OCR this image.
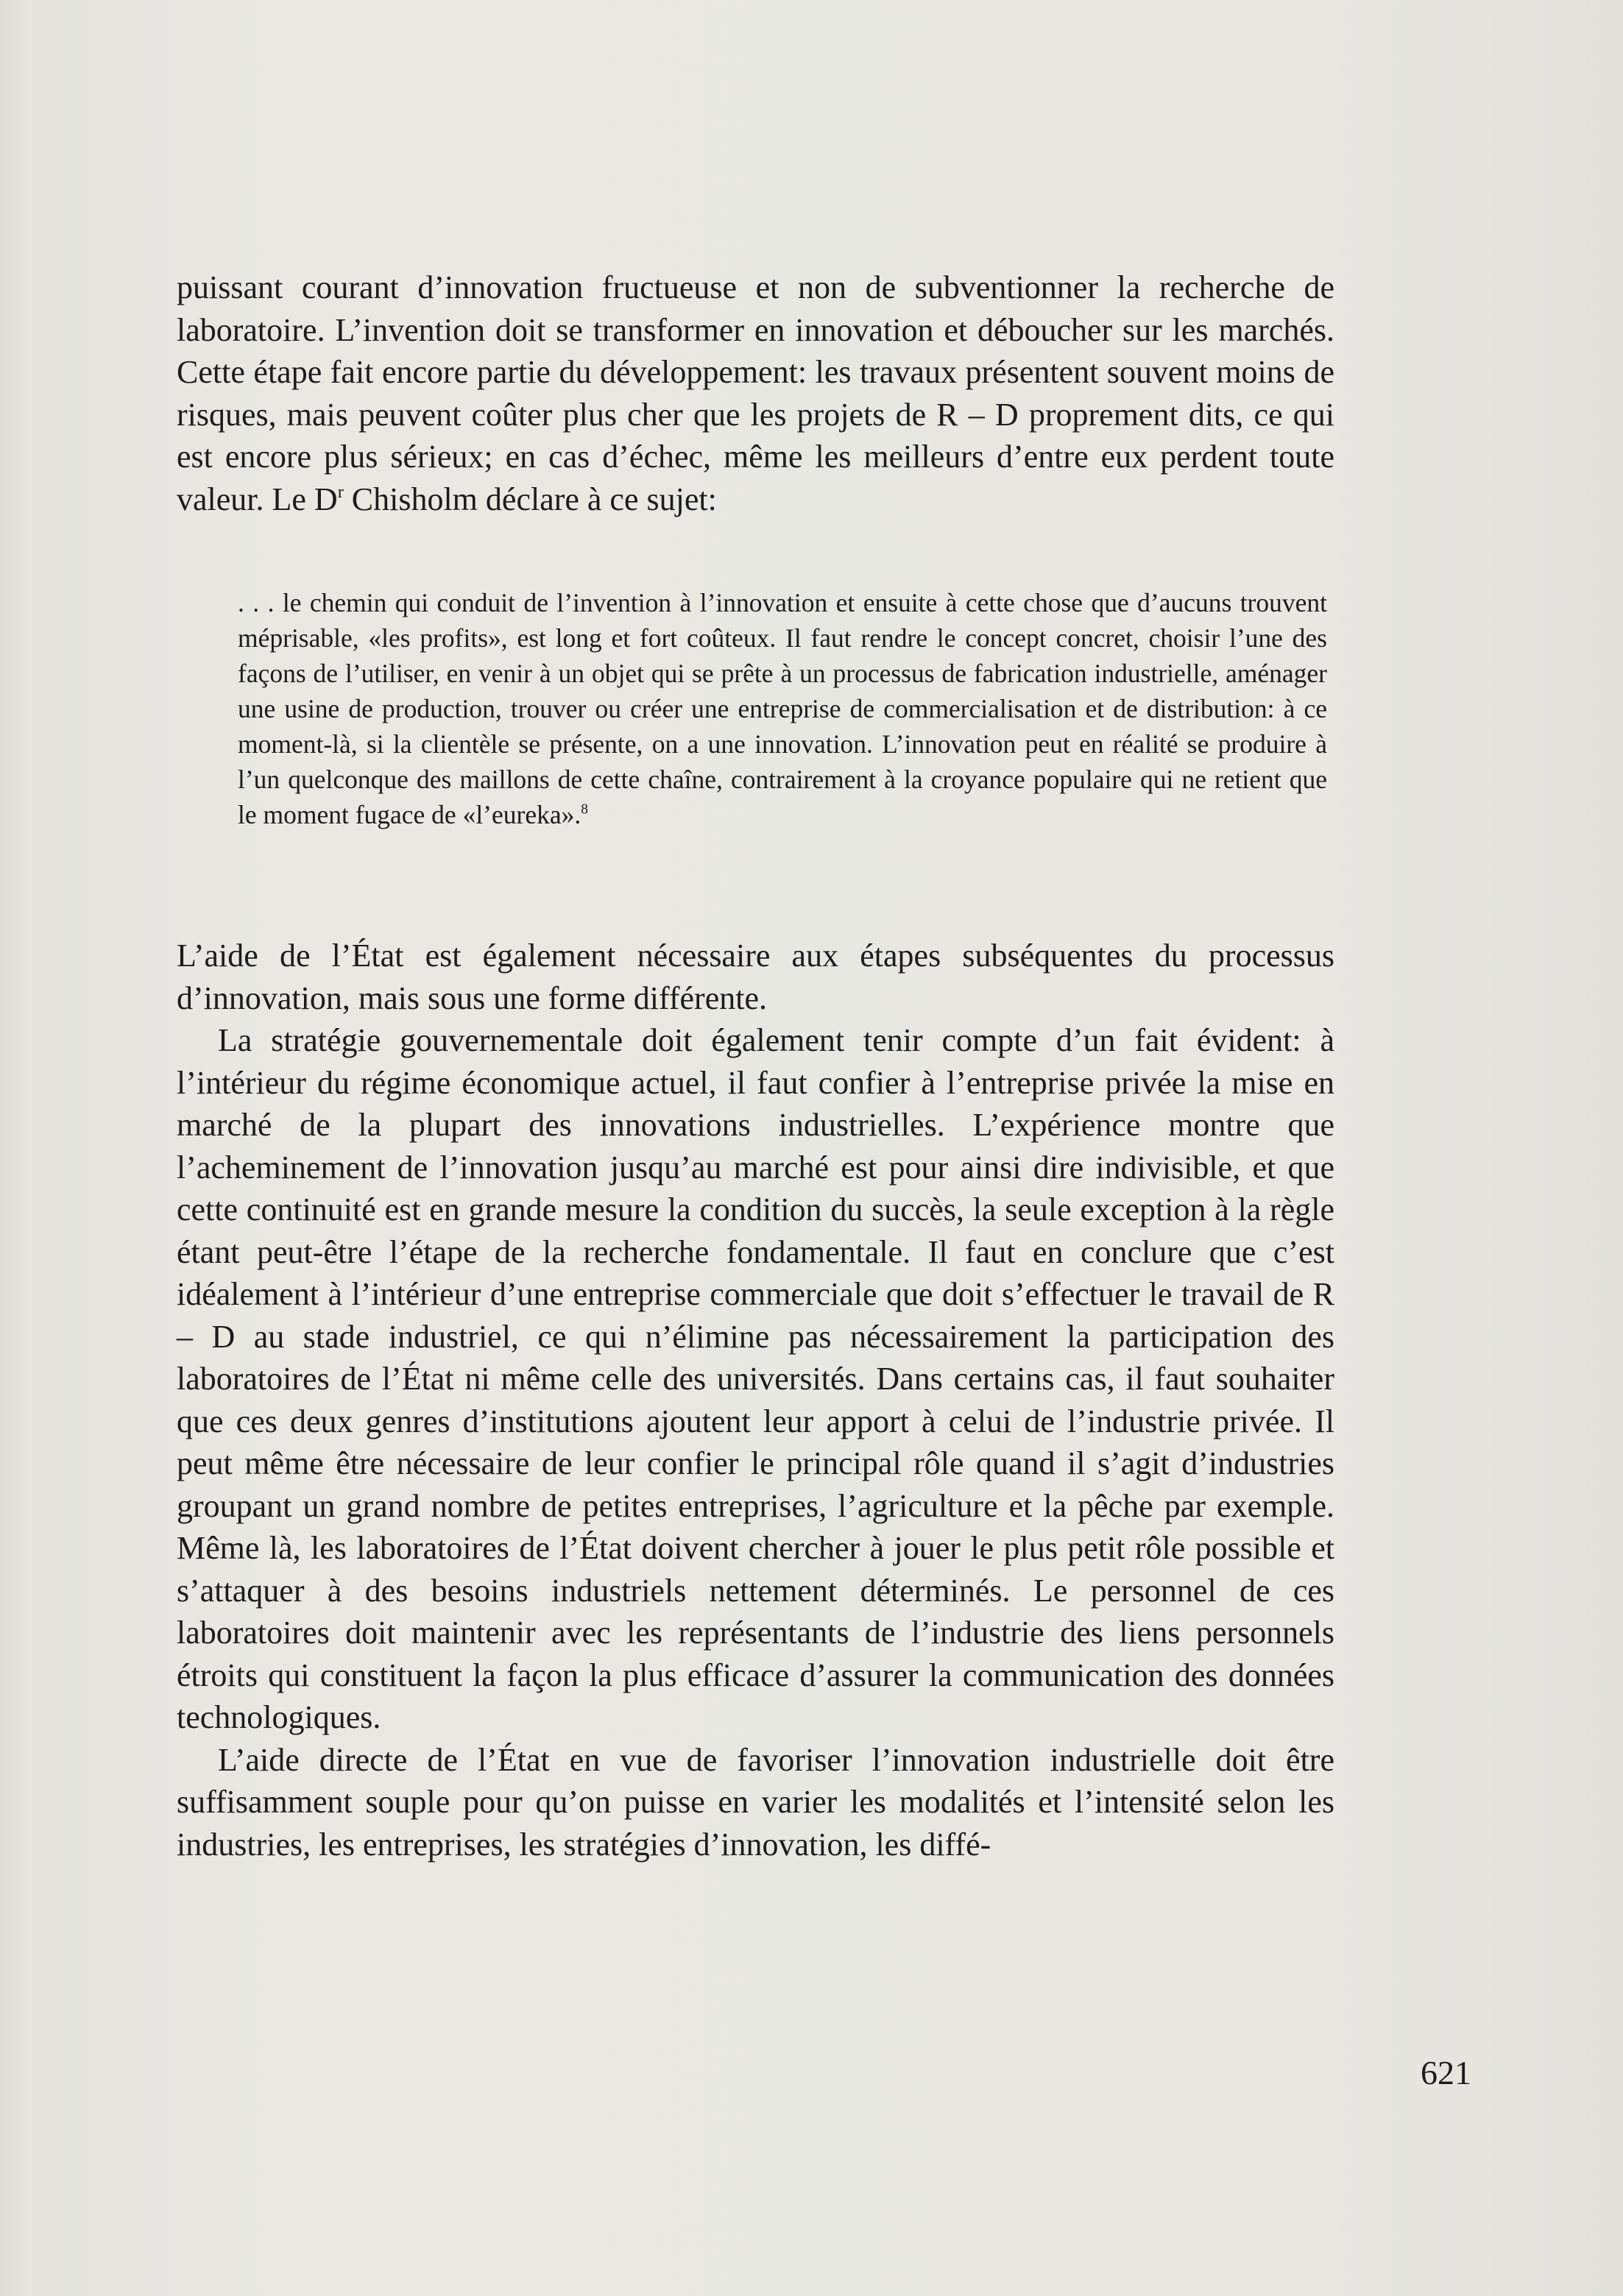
puissant courant d’innovation fructueuse et non de subventionner la recherche de laboratoire. L’invention doit se transformer en innovation et déboucher sur les marchés. Cette étape fait encore partie du développement: les travaux présentent souvent moins de risques, mais peuvent coûter plus cher que les projets de R – D proprement dits, ce qui est encore plus sérieux; en cas d’échec, même les meilleurs d’entre eux perdent toute valeur. Le $D^r$ Chisholm déclare à ce sujet:

. . . le chemin qui conduit de l’invention à l’innovation et ensuite à cette chose que d’aucuns trouvent méprisable, «les profits», est long et fort coûteux. Il faut rendre le concept concret, choisir l’une des façons de l’utiliser, en venir à un objet qui se prête à un processus de fabrication industrielle, aménager une usine de production, trouver ou créer une entreprise de commercialisation et de distribution: à ce moment-là, si la clientèle se présente, on a une innovation. L’innovation peut en réalité se produire à l’un quelconque des maillons de cette chaîne, contrairement à la croyance populaire qui ne retient que le moment fugace de «l’eureka».$^8$

L’aide de l’État est également nécessaire aux étapes subséquentes du processus d’innovation, mais sous une forme différente.

La stratégie gouvernementale doit également tenir compte d’un fait évident: à l’intérieur du régime économique actuel, il faut confier à l’entreprise privée la mise en marché de la plupart des innovations industrielles. L’expérience montre que l’acheminement de l’innovation jusqu’au marché est pour ainsi dire indivisible, et que cette continuité est en grande mesure la condition du succès, la seule exception à la règle étant peut-être l’étape de la recherche fondamentale. Il faut en conclure que c’est idéalement à l’intérieur d’une entreprise commerciale que doit s’effectuer le travail de R – D au stade industriel, ce qui n’élimine pas nécessairement la participation des laboratoires de l’État ni même celle des universités. Dans certains cas, il faut souhaiter que ces deux genres d’institutions ajoutent leur apport à celui de l’industrie privée. Il peut même être nécessaire de leur confier le principal rôle quand il s’agit d’industries groupant un grand nombre de petites entreprises, l’agriculture et la pêche par exemple. Même là, les laboratoires de l’État doivent chercher à jouer le plus petit rôle possible et s’attaquer à des besoins industriels nettement déterminés. Le personnel de ces laboratoires doit maintenir avec les représentants de l’industrie des liens personnels étroits qui constituent la façon la plus efficace d’assurer la communication des données technologiques.

L’aide directe de l’État en vue de favoriser l’innovation industrielle doit être suffisamment souple pour qu’on puisse en varier les modalités et l’intensité selon les industries, les entreprises, les stratégies d’innovation, les diffé-

621
